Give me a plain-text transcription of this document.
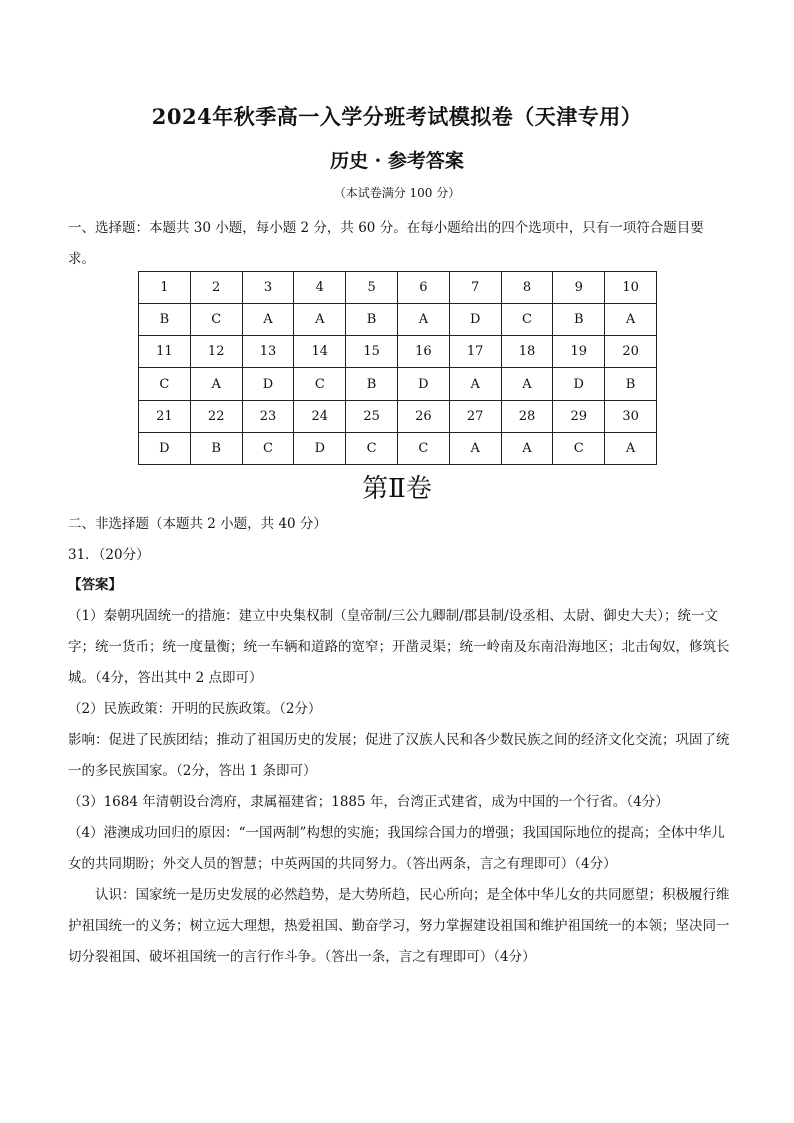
2024年秋季高一入学分班考试模拟卷（天津专用）
历史 · 参考答案
（本试卷满分 100 分）
一、选择题：本题共 30 小题，每小题 2 分，共 60 分。在每小题给出的四个选项中，只有一项符合题目要求。
1	2	3	4	5	6	7	8	9	10
B	C	A	A	B	A	D	C	B	A
11	12	13	14	15	16	17	18	19	20
C	A	D	C	B	D	A	A	D	B
21	22	23	24	25	26	27	28	29	30
D	B	C	D	C	C	A	A	C	A
第Ⅱ卷
二、非选择题（本题共 2 小题，共 40 分）
31．（20分）
【答案】
（1）秦朝巩固统一的措施：建立中央集权制（皇帝制/三公九卿制/郡县制/设丞相、太尉、御史大夫）；统一文字；统一货币；统一度量衡；统一车辆和道路的宽窄；开凿灵渠；统一岭南及东南沿海地区；北击匈奴，修筑长城。（4分，答出其中 2 点即可）
（2）民族政策：开明的民族政策。（2分）
影响：促进了民族团结；推动了祖国历史的发展；促进了汉族人民和各少数民族之间的经济文化交流；巩固了统一的多民族国家。（2分，答出 1 条即可）
（3）1684 年清朝设台湾府，隶属福建省；1885 年，台湾正式建省，成为中国的一个行省。（4分）
（4）港澳成功回归的原因：“一国两制”构想的实施；我国综合国力的增强；我国国际地位的提高；全体中华儿女的共同期盼；外交人员的智慧；中英两国的共同努力。（答出两条，言之有理即可）（4分）
认识：国家统一是历史发展的必然趋势，是大势所趋，民心所向；是全体中华儿女的共同愿望；积极履行维护祖国统一的义务；树立远大理想，热爱祖国、勤奋学习，努力掌握建设祖国和维护祖国统一的本领；坚决同一切分裂祖国、破坏祖国统一的言行作斗争。（答出一条，言之有理即可）（4分）
